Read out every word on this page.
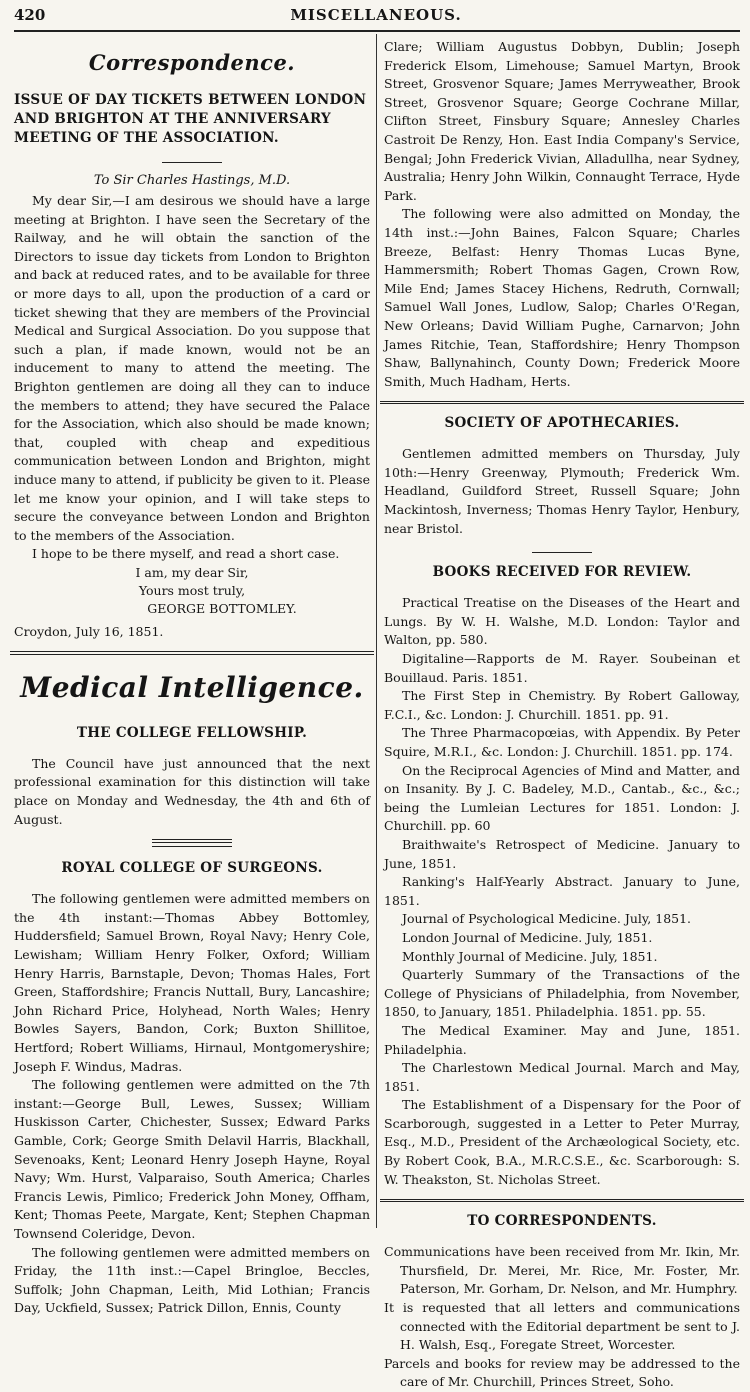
420	MISCELLANEOUS.
Correspondence.
ISSUE OF DAY TICKETS BETWEEN LONDON AND BRIGHTON AT THE ANNIVERSARY MEETING OF THE ASSOCIATION.
To Sir Charles Hastings, M.D.

My dear Sir,—I am desirous we should have a large meeting at Brighton. I have seen the Secretary of the Railway, and he will obtain the sanction of the Directors to issue day tickets from London to Brighton and back at reduced rates, and to be available for three or more days to all, upon the production of a card or ticket shewing that they are members of the Provincial Medical and Surgical Association. Do you suppose that such a plan, if made known, would not be an inducement to many to attend the meeting. The Brighton gentlemen are doing all they can to induce the members to attend; they have secured the Palace for the Association, which also should be made known; that, coupled with cheap and expeditious communication between London and Brighton, might induce many to attend, if publicity be given to it. Please let me know your opinion, and I will take steps to secure the conveyance between London and Brighton to the members of the Association.

I hope to be there myself, and read a short case.

I am, my dear Sir,
Yours most truly,
GEORGE BOTTOMLEY.
Croydon, July 16, 1851.
Medical Intelligence.
THE COLLEGE FELLOWSHIP.

The Council have just announced that the next professional examination for this distinction will take place on Monday and Wednesday, the 4th and 6th of August.

ROYAL COLLEGE OF SURGEONS.

The following gentlemen were admitted members on the 4th instant:—Thomas Abbey Bottomley, Huddersfield; Samuel Brown, Royal Navy; Henry Cole, Lewisham; William Henry Folker, Oxford; William Henry Harris, Barnstaple, Devon; Thomas Hales, Fort Green, Staffordshire; Francis Nuttall, Bury, Lancashire; John Richard Price, Holyhead, North Wales; Henry Bowles Sayers, Bandon, Cork; Buxton Shillitoe, Hertford; Robert Williams, Hirnaul, Montgomeryshire; Joseph F. Windus, Madras.

The following gentlemen were admitted on the 7th instant:—George Bull, Lewes, Sussex; William Huskisson Carter, Chichester, Sussex; Edward Parks Gamble, Cork; George Smith Delavil Harris, Blackhall, Sevenoaks, Kent; Leonard Henry Joseph Hayne, Royal Navy; Wm. Hurst, Valparaiso, South America; Charles Francis Lewis, Pimlico; Frederick John Money, Offham, Kent; Thomas Peete, Margate, Kent; Stephen Chapman Townsend Coleridge, Devon.

The following gentlemen were admitted members on Friday, the 11th inst.:—Capel Bringloe, Beccles, Suffolk; John Chapman, Leith, Mid Lothian; Francis Day, Uckfield, Sussex; Patrick Dillon, Ennis, County

Clare; William Augustus Dobbyn, Dublin; Joseph Frederick Elsom, Limehouse; Samuel Martyn, Brook Street, Grosvenor Square; James Merryweather, Brook Street, Grosvenor Square; George Cochrane Millar, Clifton Street, Finsbury Square; Annesley Charles Castroit De Renzy, Hon. East India Company's Service, Bengal; John Frederick Vivian, Alladullha, near Sydney, Australia; Henry John Wilkin, Connaught Terrace, Hyde Park.

The following were also admitted on Monday, the 14th inst.:—John Baines, Falcon Square; Charles Breeze, Belfast: Henry Thomas Lucas Byne, Hammersmith; Robert Thomas Gagen, Crown Row, Mile End; James Stacey Hichens, Redruth, Cornwall; Samuel Wall Jones, Ludlow, Salop; Charles O'Regan, New Orleans; David William Pughe, Carnarvon; John James Ritchie, Tean, Staffordshire; Henry Thompson Shaw, Ballynahinch, County Down; Frederick Moore Smith, Much Hadham, Herts.

SOCIETY OF APOTHECARIES.

Gentlemen admitted members on Thursday, July 10th:—Henry Greenway, Plymouth; Frederick Wm. Headland, Guildford Street, Russell Square; John Mackintosh, Inverness; Thomas Henry Taylor, Henbury, near Bristol.

BOOKS RECEIVED FOR REVIEW.

Practical Treatise on the Diseases of the Heart and Lungs. By W. H. Walshe, M.D. London: Taylor and Walton, pp. 580.

Digitaline—Rapports de M. Rayer. Soubeinan et Bouillaud. Paris. 1851.

The First Step in Chemistry. By Robert Galloway, F.C.I., &c. London: J. Churchill. 1851. pp. 91.

The Three Pharmacopœias, with Appendix. By Peter Squire, M.R.I., &c. London: J. Churchill. 1851. pp. 174.

On the Reciprocal Agencies of Mind and Matter, and on Insanity. By J. C. Badeley, M.D., Cantab., &c., &c.; being the Lumleian Lectures for 1851. London: J. Churchill. pp. 60

Braithwaite's Retrospect of Medicine. January to June, 1851.

Ranking's Half-Yearly Abstract. January to June, 1851.

Journal of Psychological Medicine. July, 1851.

London Journal of Medicine. July, 1851.

Monthly Journal of Medicine. July, 1851.

Quarterly Summary of the Transactions of the College of Physicians of Philadelphia, from November, 1850, to January, 1851. Philadelphia. 1851. pp. 55.

The Medical Examiner. May and June, 1851. Philadelphia.

The Charlestown Medical Journal. March and May, 1851.

The Establishment of a Dispensary for the Poor of Scarborough, suggested in a Letter to Peter Murray, Esq., M.D., President of the Archæological Society, etc. By Robert Cook, B.A., M.R.C.S.E., &c. Scarborough: S. W. Theakston, St. Nicholas Street.

TO CORRESPONDENTS.

Communications have been received from Mr. Ikin, Mr. Thursfield, Dr. Merei, Mr. Rice, Mr. Foster, Mr. Paterson, Mr. Gorham, Dr. Nelson, and Mr. Humphry.

It is requested that all letters and communications connected with the Editorial department be sent to J. H. Walsh, Esq., Foregate Street, Worcester.

Parcels and books for review may be addressed to the care of Mr. Churchill, Princes Street, Soho.
